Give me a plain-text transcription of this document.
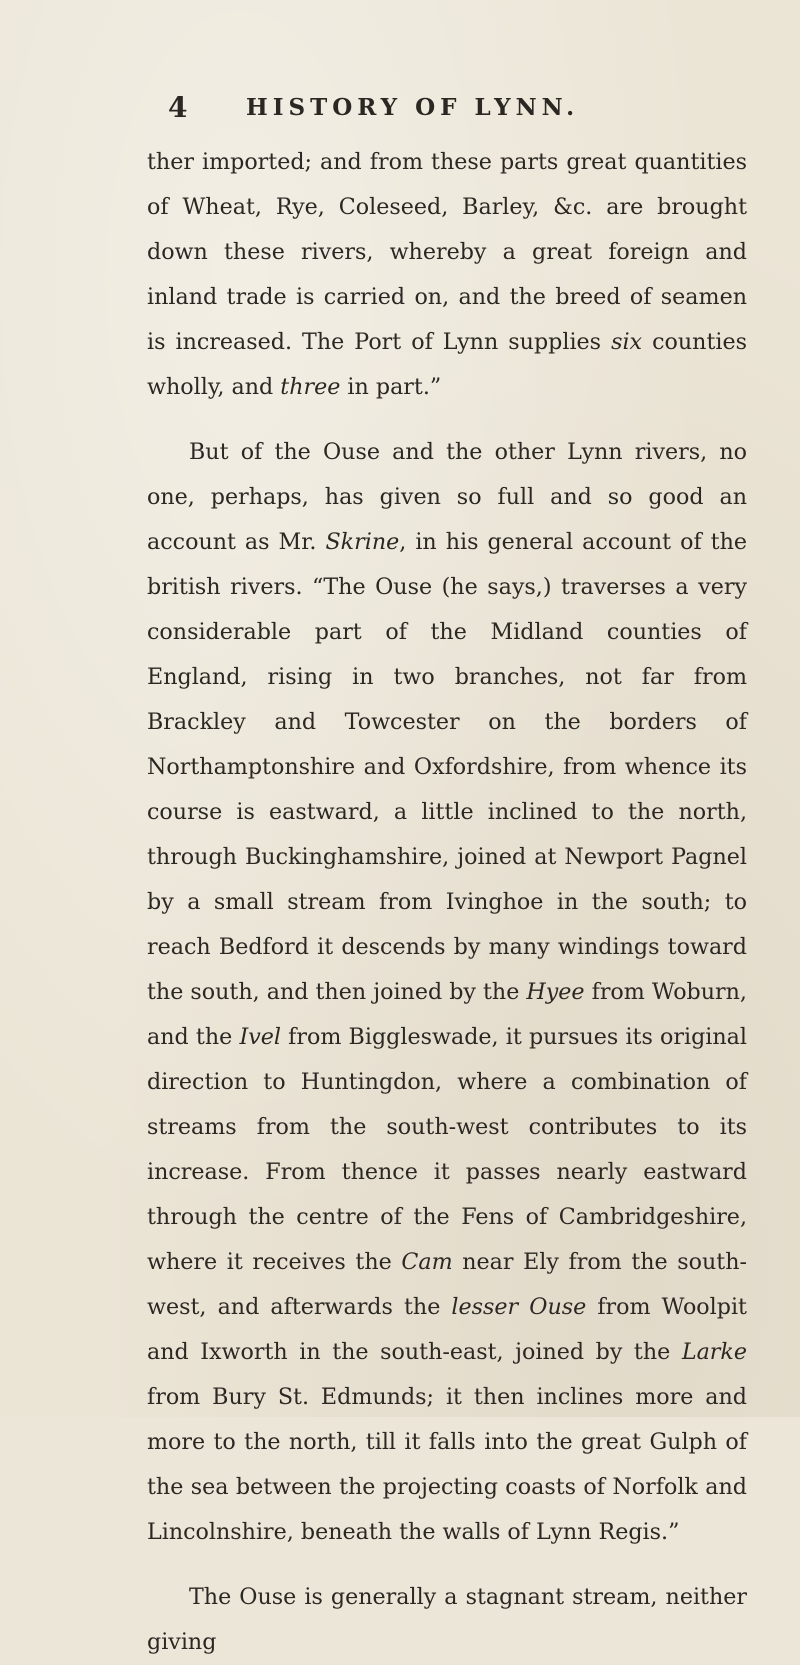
4	HISTORY OF LYNN.

ther imported; and from these parts great quantities of Wheat, Rye, Coleseed, Barley, &c. are brought down these rivers, whereby a great foreign and inland trade is carried on, and the breed of seamen is increased. The Port of Lynn supplies six counties wholly, and three in part.”

But of the Ouse and the other Lynn rivers, no one, perhaps, has given so full and so good an account as Mr. Skrine, in his general account of the british rivers. “The Ouse (he says,) traverses a very considerable part of the Midland counties of England, rising in two branches, not far from Brackley and Towcester on the borders of Northamptonshire and Oxfordshire, from whence its course is eastward, a little inclined to the north, through Buckinghamshire, joined at Newport Pagnel by a small stream from Ivinghoe in the south; to reach Bedford it descends by many windings toward the south, and then joined by the Hyee from Woburn, and the Ivel from Biggleswade, it pursues its original direction to Huntingdon, where a combination of streams from the south-west contributes to its increase. From thence it passes nearly eastward through the centre of the Fens of Cambridgeshire, where it receives the Cam near Ely from the south-west, and afterwards the lesser Ouse from Woolpit and Ixworth in the south-east, joined by the Larke from Bury St. Edmunds; it then inclines more and more to the north, till it falls into the great Gulph of the sea between the projecting coasts of Norfolk and Lincolnshire, beneath the walls of Lynn Regis.”

The Ouse is generally a stagnant stream, neither giving
